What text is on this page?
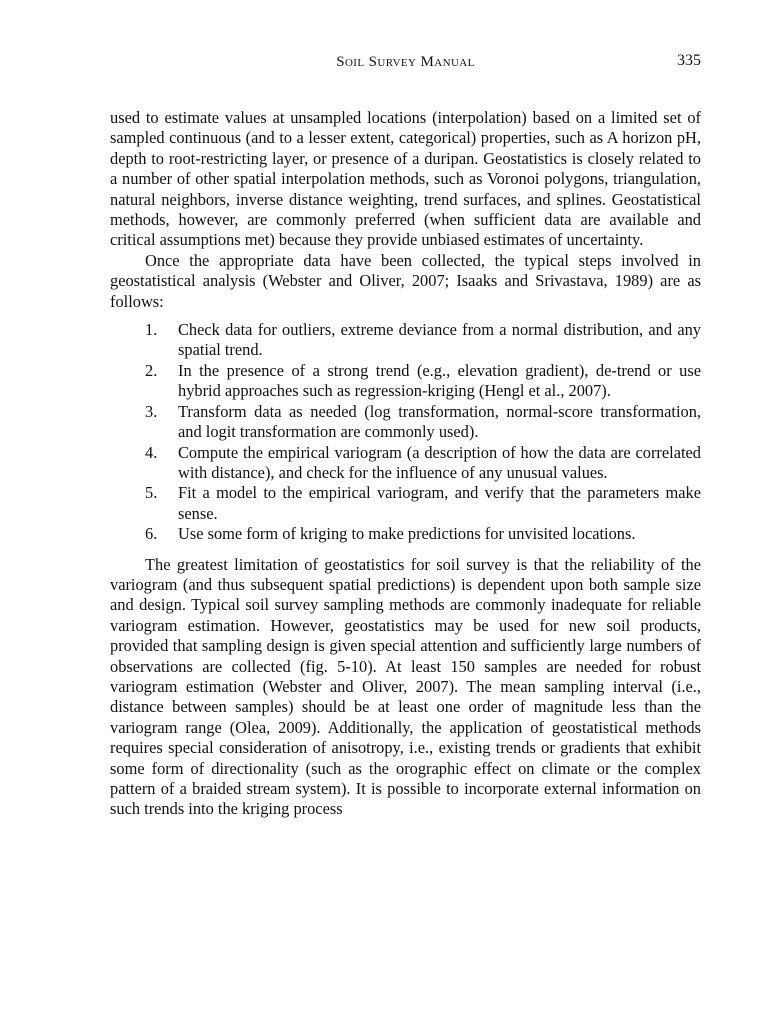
Soil Survey Manual	335

used to estimate values at unsampled locations (interpolation) based on a limited set of sampled continuous (and to a lesser extent, categorical) properties, such as A horizon pH, depth to root-restricting layer, or presence of a duripan. Geostatistics is closely related to a number of other spatial interpolation methods, such as Voronoi polygons, triangulation, natural neighbors, inverse distance weighting, trend surfaces, and splines. Geostatistical methods, however, are commonly preferred (when sufficient data are available and critical assumptions met) because they provide unbiased estimates of uncertainty.

Once the appropriate data have been collected, the typical steps involved in geostatistical analysis (Webster and Oliver, 2007; Isaaks and Srivastava, 1989) are as follows:

1. Check data for outliers, extreme deviance from a normal distribution, and any spatial trend.
2. In the presence of a strong trend (e.g., elevation gradient), de-trend or use hybrid approaches such as regression-kriging (Hengl et al., 2007).
3. Transform data as needed (log transformation, normal-score transformation, and logit transformation are commonly used).
4. Compute the empirical variogram (a description of how the data are correlated with distance), and check for the influence of any unusual values.
5. Fit a model to the empirical variogram, and verify that the parameters make sense.
6. Use some form of kriging to make predictions for unvisited locations.

The greatest limitation of geostatistics for soil survey is that the reliability of the variogram (and thus subsequent spatial predictions) is dependent upon both sample size and design. Typical soil survey sampling methods are commonly inadequate for reliable variogram estimation. However, geostatistics may be used for new soil products, provided that sampling design is given special attention and sufficiently large numbers of observations are collected (fig. 5-10). At least 150 samples are needed for robust variogram estimation (Webster and Oliver, 2007). The mean sampling interval (i.e., distance between samples) should be at least one order of magnitude less than the variogram range (Olea, 2009). Additionally, the application of geostatistical methods requires special consideration of anisotropy, i.e., existing trends or gradients that exhibit some form of directionality (such as the orographic effect on climate or the complex pattern of a braided stream system). It is possible to incorporate external information on such trends into the kriging process
